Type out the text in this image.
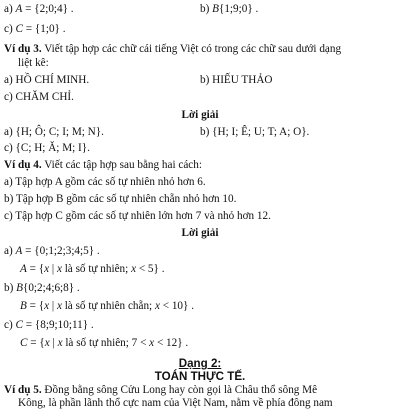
a) A = {2;0;4} .	b) B{1;9;0} .
c) C = {1;0} .
Ví dụ 3. Viết tập hợp các chữ cái tiếng Việt có trong các chữ sau dưới dạng
liệt kê:
a) HỒ CHÍ MINH.	b) HIẾU THẢO
c) CHĂM CHỈ.
Lời giải
a) {H; Ô; C; I; M; N}.	b) {H; I; Ê; U; T; A; O}.
c) {C; H; Ă; M; I}.
Ví dụ 4. Viết các tập hợp sau bằng hai cách:
a) Tập hợp A gồm các số tự nhiên nhỏ hơn 6.
b) Tập hợp B gồm các số tự nhiên chẵn nhỏ hơn 10.
c) Tập hợp C gồm các số tự nhiên lớn hơn 7 và nhỏ hơn 12.
Lời giải
a) A = {0;1;2;3;4;5} .
A = {x | x là số tự nhiên; x < 5} .
b) B{0;2;4;6;8} .
B = {x | x là số tự nhiên chẵn; x < 10} .
c) C = {8;9;10;11} .
C = {x | x là số tự nhiên; 7 < x < 12} .
Dạng 2:
TOÁN THỰC TẾ.
Ví dụ 5. Đồng bằng sông Cửu Long hay còn gọi là Châu thổ sông Mê
Kông, là phần lãnh thổ cực nam của Việt Nam, nằm về phía đông nam
